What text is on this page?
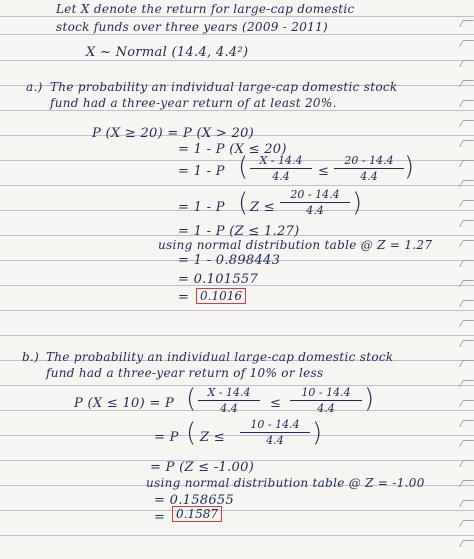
Let X denote the return for large-cap domestic
stock funds over three years (2009 - 2011)
X ~ Normal (14.4, 4.4²)
a.) The probability an individual large-cap domestic stock
fund had a three-year return of at least 20%.
P (X ≥ 20) = P (X > 20)
= 1 - P (X ≤ 20)
= 1 - P ( X - 14.4
4.4 ≤
20 - 14.4
4.4 )
= 1 - P ( Z ≤
20 - 14.4
4.4 )
= 1 - P (Z ≤ 1.27)
using normal distribution table @ Z = 1.27
= 1 - 0.898443
= 0.101557
= 0.1016
b.) The probability an individual large-cap domestic stock
fund had a three-year return of 10% or less
P (X ≤ 10) = P ( X - 14.4
4.4 ≤
10 - 14.4
4.4 )
= P ( Z ≤
10 - 14.4
4.4 )
= P (Z ≤ -1.00)
using normal distribution table @ Z = -1.00
= 0.158655
= 0.1587
